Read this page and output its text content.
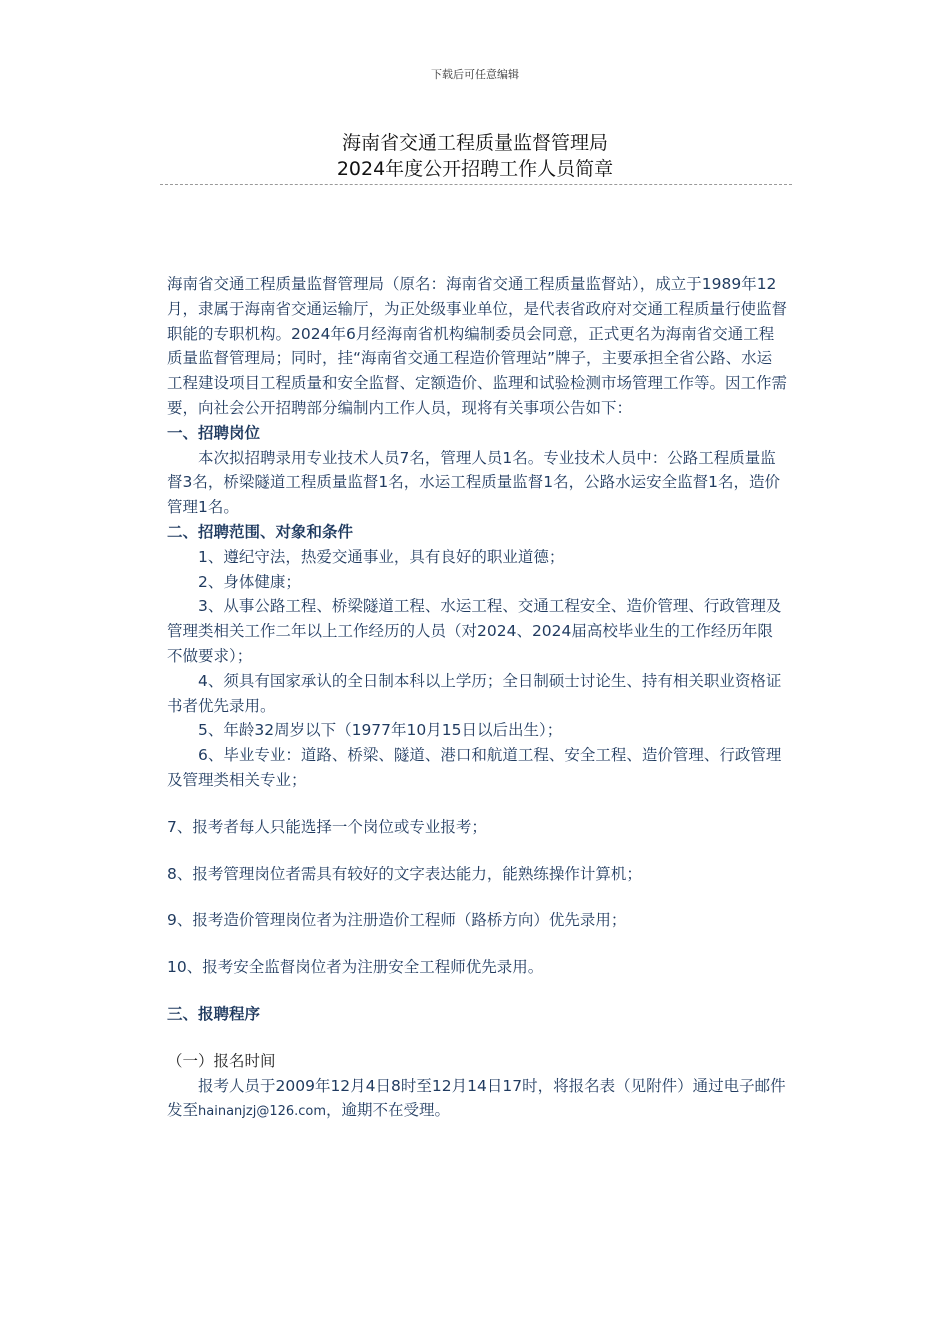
下载后可任意编辑
海南省交通工程质量监督管理局
2024年度公开招聘工作人员简章

海南省交通工程质量监督管理局（原名：海南省交通工程质量监督站），成立于1989年12月，隶属于海南省交通运输厅，为正处级事业单位，是代表省政府对交通工程质量行使监督职能的专职机构。2024年6月经海南省机构编制委员会同意，正式更名为海南省交通工程质量监督管理局；同时，挂“海南省交通工程造价管理站”牌子，主要承担全省公路、水运工程建设项目工程质量和安全监督、定额造价、监理和试验检测市场管理工作等。因工作需要，向社会公开招聘部分编制内工作人员，现将有关事项公告如下：

一、招聘岗位

本次拟招聘录用专业技术人员7名，管理人员1名。专业技术人员中：公路工程质量监督3名，桥梁隧道工程质量监督1名，水运工程质量监督1名，公路水运安全监督1名，造价管理1名。

二、招聘范围、对象和条件

1、遵纪守法，热爱交通事业，具有良好的职业道德；

2、身体健康；

3、从事公路工程、桥梁隧道工程、水运工程、交通工程安全、造价管理、行政管理及管理类相关工作二年以上工作经历的人员（对2024、2024届高校毕业生的工作经历年限不做要求）；

4、须具有国家承认的全日制本科以上学历；全日制硕士讨论生、持有相关职业资格证书者优先录用。

5、年龄32周岁以下（1977年10月15日以后出生）；

6、毕业专业：道路、桥梁、隧道、港口和航道工程、安全工程、造价管理、行政管理及管理类相关专业；

7、报考者每人只能选择一个岗位或专业报考；

8、报考管理岗位者需具有较好的文字表达能力，能熟练操作计算机；

9、报考造价管理岗位者为注册造价工程师（路桥方向）优先录用；

10、报考安全监督岗位者为注册安全工程师优先录用。

三、报聘程序

（一）报名时间

报考人员于2009年12月4日8时至12月14日17时，将报名表（见附件）通过电子邮件发至hainanjzj@126.com，逾期不在受理。
